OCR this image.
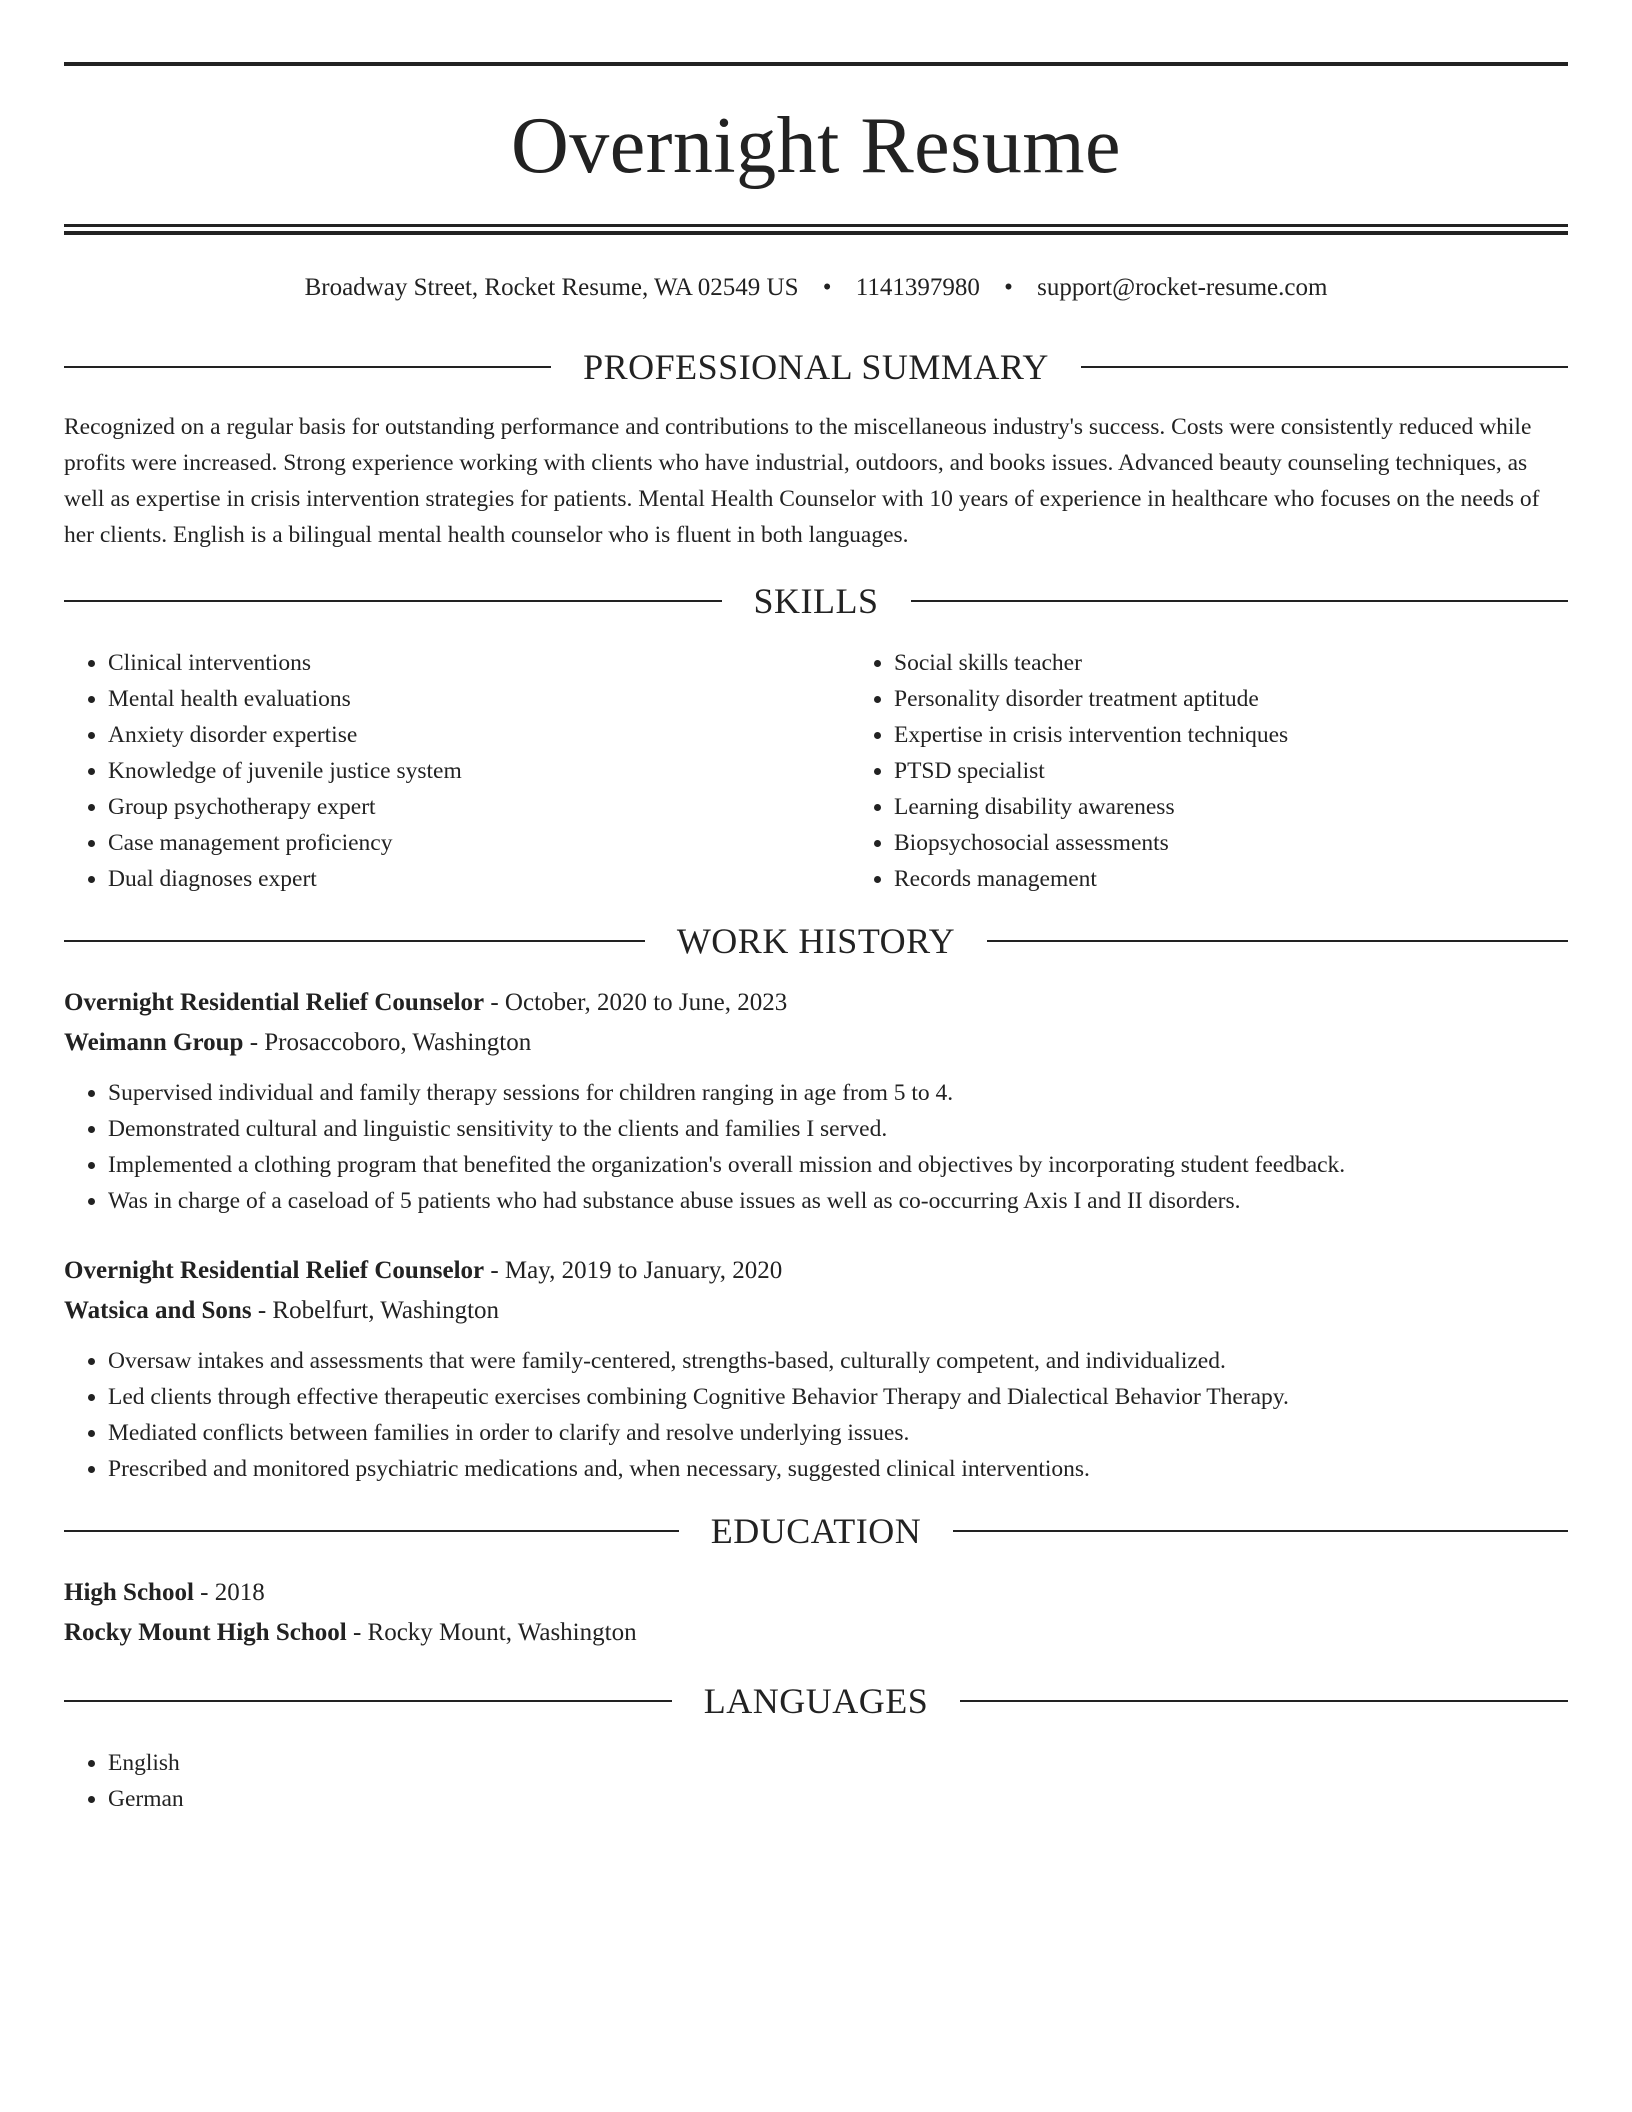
Overnight Resume
Broadway Street, Rocket Resume, WA 02549 US • 1141397980 • support@rocket-resume.com
PROFESSIONAL SUMMARY

Recognized on a regular basis for outstanding performance and contributions to the miscellaneous industry's success. Costs were consistently reduced while profits were increased. Strong experience working with clients who have industrial, outdoors, and books issues. Advanced beauty counseling techniques, as well as expertise in crisis intervention strategies for patients. Mental Health Counselor with 10 years of experience in healthcare who focuses on the needs of her clients. English is a bilingual mental health counselor who is fluent in both languages.

SKILLS
• Clinical interventions
• Mental health evaluations
• Anxiety disorder expertise
• Knowledge of juvenile justice system
• Group psychotherapy expert
• Case management proficiency
• Dual diagnoses expert
• Social skills teacher
• Personality disorder treatment aptitude
• Expertise in crisis intervention techniques
• PTSD specialist
• Learning disability awareness
• Biopsychosocial assessments
• Records management
WORK HISTORY
Overnight Residential Relief Counselor - October, 2020 to June, 2023
Weimann Group - Prosaccoboro, Washington
• Supervised individual and family therapy sessions for children ranging in age from 5 to 4.
• Demonstrated cultural and linguistic sensitivity to the clients and families I served.
• Implemented a clothing program that benefited the organization's overall mission and objectives by incorporating student feedback.
• Was in charge of a caseload of 5 patients who had substance abuse issues as well as co-occurring Axis I and II disorders.
Overnight Residential Relief Counselor - May, 2019 to January, 2020
Watsica and Sons - Robelfurt, Washington
• Oversaw intakes and assessments that were family-centered, strengths-based, culturally competent, and individualized.
• Led clients through effective therapeutic exercises combining Cognitive Behavior Therapy and Dialectical Behavior Therapy.
• Mediated conflicts between families in order to clarify and resolve underlying issues.
• Prescribed and monitored psychiatric medications and, when necessary, suggested clinical interventions.
EDUCATION
High School - 2018
Rocky Mount High School - Rocky Mount, Washington
LANGUAGES
• English
• German
